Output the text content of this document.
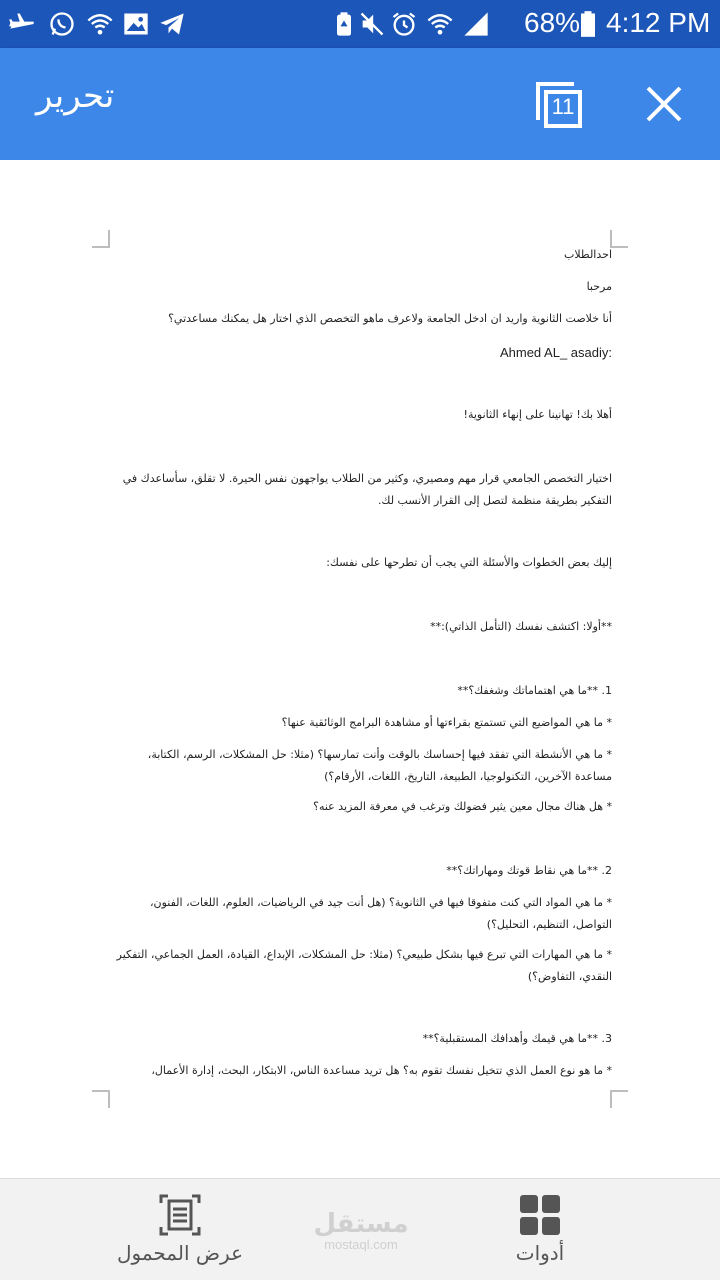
68% 4:12 PM
تحرير	11
احدالطلاب
مرحبا
أنا خلاصت الثانوية واريد ان ادخل الجامعة ولاعرف ماهو التخصص الذي اختار هل يمكنك مساعدتي؟
Ahmed AL_ asadiy:
أهلا بك! تهانينا على إنهاء الثانوية!
اختيار التخصص الجامعي قرار مهم ومصيري، وكثير من الطلاب يواجهون نفس الحيرة. لا تقلق، سأساعدك في التفكير بطريقة منظمة لتصل إلى القرار الأنسب لك.
إليك بعض الخطوات والأسئلة التي يجب أن تطرحها على نفسك:
**أولا: اكتشف نفسك (التأمل الذاتي):**
1. **ما هي اهتماماتك وشغفك؟**
* ما هي المواضيع التي تستمتع بقراءتها أو مشاهدة البرامج الوثائقية عنها؟
* ما هي الأنشطة التي تفقد فيها إحساسك بالوقت وأنت تمارسها؟ (مثلا: حل المشكلات، الرسم، الكتابة، مساعدة الآخرين، التكنولوجيا، الطبيعة، التاريخ، اللغات، الأرقام؟)
* هل هناك مجال معين يثير فضولك وترغب في معرفة المزيد عنه؟
2. **ما هي نقاط قوتك ومهاراتك؟**
* ما هي المواد التي كنت متفوقا فيها في الثانوية؟ (هل أنت جيد في الرياضيات، العلوم، اللغات، الفنون، التواصل، التنظيم، التحليل؟)
* ما هي المهارات التي تبرع فيها بشكل طبيعي؟ (مثلا: حل المشكلات، الإبداع، القيادة، العمل الجماعي، التفكير النقدي، التفاوض؟)
3. **ما هي قيمك وأهدافك المستقبلية؟**
* ما هو نوع العمل الذي تتخيل نفسك تقوم به؟ هل تريد مساعدة الناس، الابتكار، البحث، إدارة الأعمال،
عرض المحمول
مستقل
mostaql.com	أدوات
